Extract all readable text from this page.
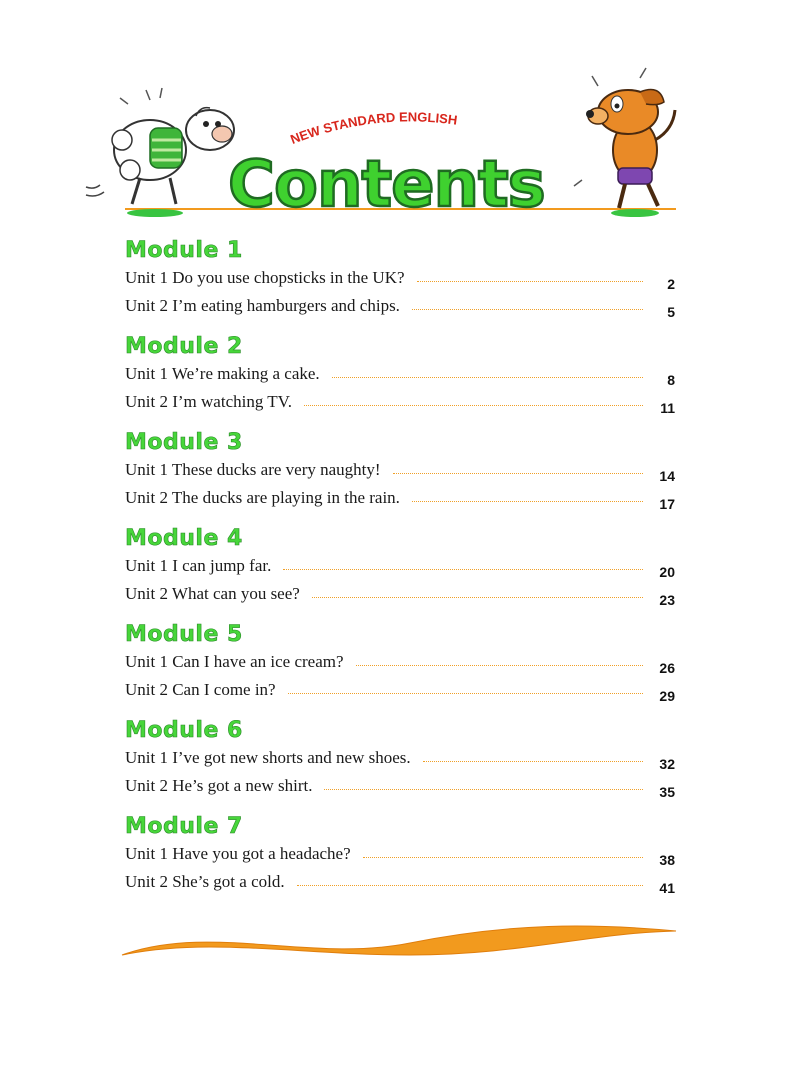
NEW STANDARD ENGLISH
Contents
Module 1
Unit 1 Do you use chopsticks in the UK?	2
Unit 2 I’m eating hamburgers and chips.	5
Module 2
Unit 1 We’re making a cake.	8
Unit 2 I’m watching TV.	11
Module 3
Unit 1 These ducks are very naughty!	14
Unit 2 The ducks are playing in the rain.	17
Module 4
Unit 1 I can jump far.	20
Unit 2 What can you see?	23
Module 5
Unit 1 Can I have an ice cream?	26
Unit 2 Can I come in?	29
Module 6
Unit 1 I’ve got new shorts and new shoes.	32
Unit 2 He’s got a new shirt.	35
Module 7
Unit 1 Have you got a headache?	38
Unit 2 She’s got a cold.	41
